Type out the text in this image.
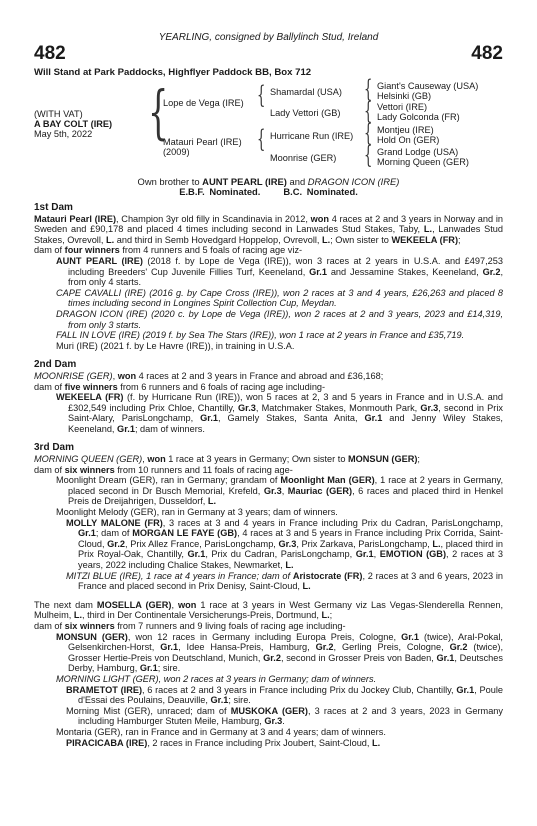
YEARLING, consigned by Ballylinch Stud, Ireland
482	482
Will Stand at Park Paddocks, Highflyer Paddock BB, Box 712
(WITH VAT)
A BAY COLT (IRE)
May 5th, 2022 {	{
{
{
{
{
{
Lope de Vega (IRE)
Matauri Pearl (IRE)
(2009)
Shamardal (USA)
Lady Vettori (GB)
Hurricane Run (IRE)
Moonrise (GER)
Giant's Causeway (USA)
Helsinki (GB)
Vettori (IRE)
Lady Golconda (FR)
Montjeu (IRE)
Hold On (GER)
Grand Lodge (USA)
Morning Queen (GER)
Own brother to AUNT PEARL (IRE) and DRAGON ICON (IRE)
E.B.F. Nominated. B.C. Nominated.

1st Dam

Matauri Pearl (IRE), Champion 3yr old filly in Scandinavia in 2012, won 4 races at 2 and 3 years in Norway and in Sweden and £90,178 and placed 4 times including second in Lanwades Stud Stakes, Taby, L., Lanwades Stud Stakes, Ovrevoll, L. and third in Semb Hovedgard Hoppelop, Ovrevoll, L.; Own sister to WEKEELA (FR);

dam of four winners from 4 runners and 5 foals of racing age viz-

AUNT PEARL (IRE) (2018 f. by Lope de Vega (IRE)), won 3 races at 2 years in U.S.A. and £497,253 including Breeders' Cup Juvenile Fillies Turf, Keeneland, Gr.1 and Jessamine Stakes, Keeneland, Gr.2, from only 4 starts.

CAPE CAVALLI (IRE) (2016 g. by Cape Cross (IRE)), won 2 races at 3 and 4 years, £26,263 and placed 8 times including second in Longines Spirit Collection Cup, Meydan.

DRAGON ICON (IRE) (2020 c. by Lope de Vega (IRE)), won 2 races at 2 and 3 years, 2023 and £14,319, from only 3 starts.

FALL IN LOVE (IRE) (2019 f. by Sea The Stars (IRE)), won 1 race at 2 years in France and £35,719.

Muri (IRE) (2021 f. by Le Havre (IRE)), in training in U.S.A.

2nd Dam

MOONRISE (GER), won 4 races at 2 and 3 years in France and abroad and £36,168;

dam of five winners from 6 runners and 6 foals of racing age including-

WEKEELA (FR) (f. by Hurricane Run (IRE)), won 5 races at 2, 3 and 5 years in France and in U.S.A. and £302,549 including Prix Chloe, Chantilly, Gr.3, Matchmaker Stakes, Monmouth Park, Gr.3, second in Prix Saint-Alary, ParisLongchamp, Gr.1, Gamely Stakes, Santa Anita, Gr.1 and Jenny Wiley Stakes, Keeneland, Gr.1; dam of winners.

3rd Dam

MORNING QUEEN (GER), won 1 race at 3 years in Germany; Own sister to MONSUN (GER);

dam of six winners from 10 runners and 11 foals of racing age-

Moonlight Dream (GER), ran in Germany; grandam of Moonlight Man (GER), 1 race at 2 years in Germany, placed second in Dr Busch Memorial, Krefeld, Gr.3, Mauriac (GER), 6 races and placed third in Henkel Preis de Dreijahrigen, Dusseldorf, L.

Moonlight Melody (GER), ran in Germany at 3 years; dam of winners.

MOLLY MALONE (FR), 3 races at 3 and 4 years in France including Prix du Cadran, ParisLongchamp, Gr.1; dam of MORGAN LE FAYE (GB), 4 races at 3 and 5 years in France including Prix Corrida, Saint-Cloud, Gr.2, Prix Allez France, ParisLongchamp, Gr.3, Prix Zarkava, ParisLongchamp, L., placed third in Prix Royal-Oak, Chantilly, Gr.1, Prix du Cadran, ParisLongchamp, Gr.1, EMOTION (GB), 2 races at 3 years, 2022 including Chalice Stakes, Newmarket, L.

MITZI BLUE (IRE), 1 race at 4 years in France; dam of Aristocrate (FR), 2 races at 3 and 6 years, 2023 in France and placed second in Prix Denisy, Saint-Cloud, L.

The next dam MOSELLA (GER), won 1 race at 3 years in West Germany viz Las Vegas-Slenderella Rennen, Mulheim, L., third in Der Continentale Versicherungs-Preis, Dortmund, L.;

dam of six winners from 7 runners and 9 living foals of racing age including-

MONSUN (GER), won 12 races in Germany including Europa Preis, Cologne, Gr.1 (twice), Aral-Pokal, Gelsenkirchen-Horst, Gr.1, Idee Hansa-Preis, Hamburg, Gr.2, Gerling Preis, Cologne, Gr.2 (twice), Grosser Hertie-Preis von Deutschland, Munich, Gr.2, second in Grosser Preis von Baden, Gr.1, Deutsches Derby, Hamburg, Gr.1; sire.

MORNING LIGHT (GER), won 2 races at 3 years in Germany; dam of winners.

BRAMETOT (IRE), 6 races at 2 and 3 years in France including Prix du Jockey Club, Chantilly, Gr.1, Poule d'Essai des Poulains, Deauville, Gr.1; sire.

Morning Mist (GER), unraced; dam of MUSKOKA (GER), 3 races at 2 and 3 years, 2023 in Germany including Hamburger Stuten Meile, Hamburg, Gr.3.

Montaria (GER), ran in France and in Germany at 3 and 4 years; dam of winners.

PIRACICABA (IRE), 2 races in France including Prix Joubert, Saint-Cloud, L.
